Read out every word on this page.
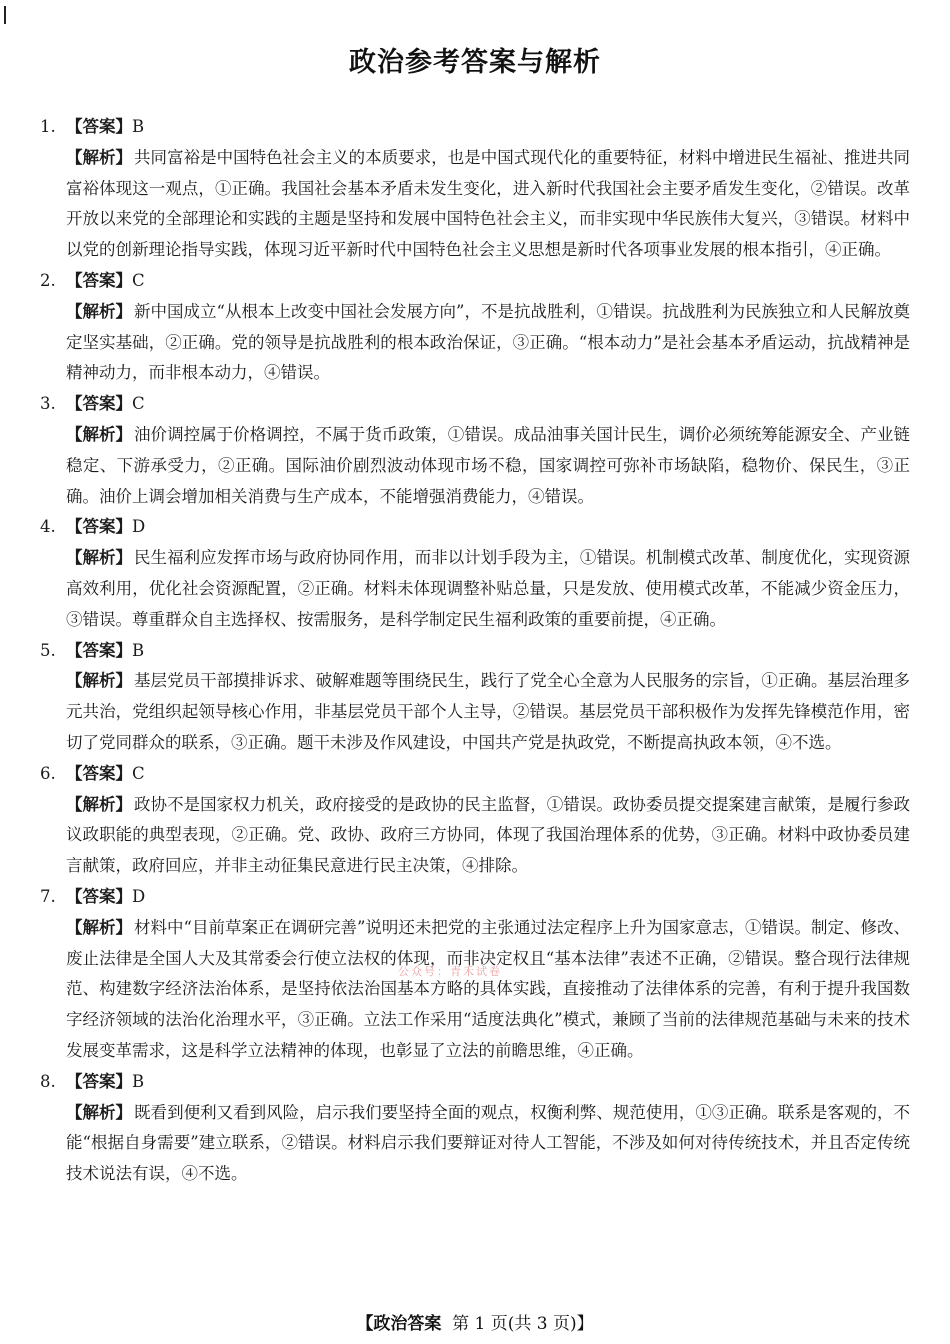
政治参考答案与解析
1. 【答案】B
【解析】 共同富裕是中国特色社会主义的本质要求，也是中国式现代化的重要特征，材料中增进民生福祉、推进共同富裕体现这一观点，①正确。我国社会基本矛盾未发生变化，进入新时代我国社会主要矛盾发生变化，②错误。改革开放以来党的全部理论和实践的主题是坚持和发展中国特色社会主义，而非实现中华民族伟大复兴，③错误。材料中以党的创新理论指导实践，体现习近平新时代中国特色社会主义思想是新时代各项事业发展的根本指引，④正确。
2. 【答案】C
【解析】 新中国成立“从根本上改变中国社会发展方向”，不是抗战胜利，①错误。抗战胜利为民族独立和人民解放奠定坚实基础，②正确。党的领导是抗战胜利的根本政治保证，③正确。“根本动力”是社会基本矛盾运动，抗战精神是精神动力，而非根本动力，④错误。
3. 【答案】C
【解析】 油价调控属于价格调控，不属于货币政策，①错误。成品油事关国计民生，调价必须统筹能源安全、产业链稳定、下游承受力，②正确。国际油价剧烈波动体现市场不稳，国家调控可弥补市场缺陷，稳物价、保民生，③正确。油价上调会增加相关消费与生产成本，不能增强消费能力，④错误。
4. 【答案】D
【解析】 民生福利应发挥市场与政府协同作用，而非以计划手段为主，①错误。机制模式改革、制度优化，实现资源高效利用，优化社会资源配置，②正确。材料未体现调整补贴总量，只是发放、使用模式改革，不能减少资金压力，③错误。尊重群众自主选择权、按需服务，是科学制定民生福利政策的重要前提，④正确。
5. 【答案】B
【解析】 基层党员干部摸排诉求、破解难题等围绕民生，践行了党全心全意为人民服务的宗旨，①正确。基层治理多元共治，党组织起领导核心作用，非基层党员干部个人主导，②错误。基层党员干部积极作为发挥先锋模范作用，密切了党同群众的联系，③正确。题干未涉及作风建设，中国共产党是执政党，不断提高执政本领，④不选。
6. 【答案】C
【解析】 政协不是国家权力机关，政府接受的是政协的民主监督，①错误。政协委员提交提案建言献策，是履行参政议政职能的典型表现，②正确。党、政协、政府三方协同，体现了我国治理体系的优势，③正确。材料中政协委员建言献策，政府回应，并非主动征集民意进行民主决策，④排除。
7. 【答案】D
【解析】 材料中“目前草案正在调研完善”说明还未把党的主张通过法定程序上升为国家意志，①错误。制定、修改、废止法律是全国人大及其常委会行使立法权的体现，而非决定权且“基本法律”表述不正确，②错误。整合现行法律规范、构建数字经济法治体系，是坚持依法治国基本方略的具体实践，直接推动了法律体系的完善，有利于提升我国数字经济领域的法治化治理水平，③正确。立法工作采用“适度法典化”模式，兼顾了当前的法律规范基础与未来的技术发展变革需求，这是科学立法精神的体现，也彰显了立法的前瞻思维，④正确。
8. 【答案】B
【解析】 既看到便利又看到风险，启示我们要坚持全面的观点，权衡利弊、规范使用，①③正确。联系是客观的，不能“根据自身需要”建立联系，②错误。材料启示我们要辩证对待人工智能，不涉及如何对待传统技术，并且否定传统技术说法有误，④不选。
公众号：青禾试卷
【政治答案 第 1 页(共 3 页)】
